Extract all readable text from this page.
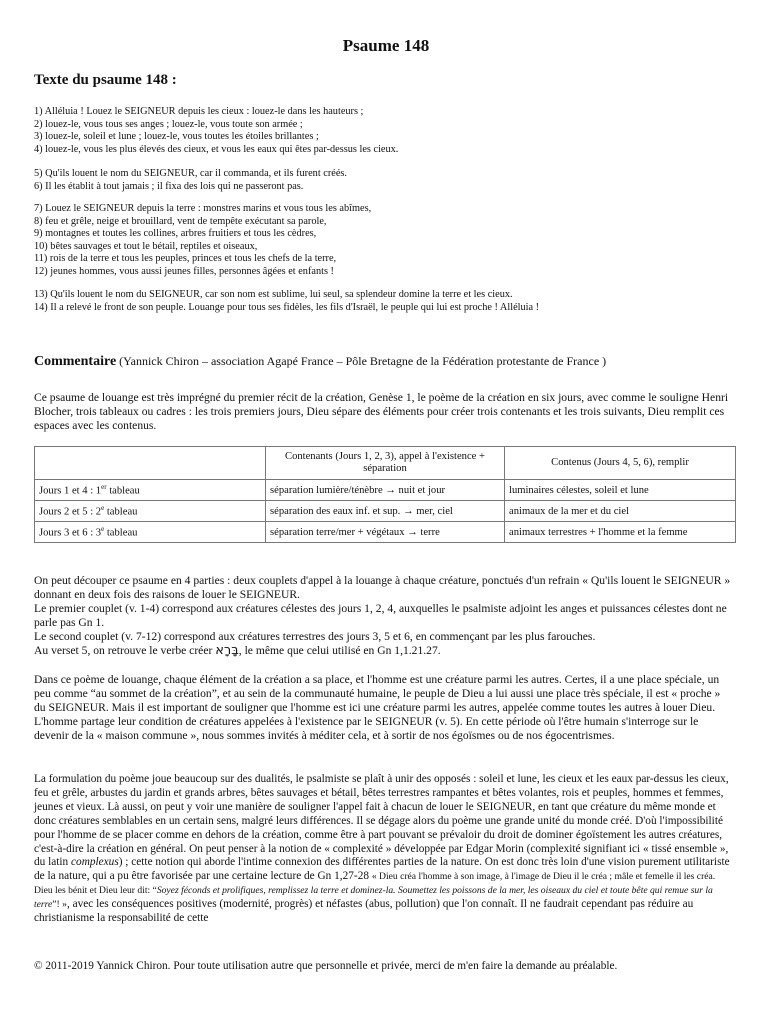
Psaume 148
Texte du psaume 148 :
1) Alléluia ! Louez le SEIGNEUR depuis les cieux : louez-le dans les hauteurs ;
2) louez-le, vous tous ses anges ; louez-le, vous toute son armée ;
3) louez-le, soleil et lune ; louez-le, vous toutes les étoiles brillantes ;
4) louez-le, vous les plus élevés des cieux, et vous les eaux qui êtes par-dessus les cieux.
5) Qu'ils louent le nom du SEIGNEUR, car il commanda, et ils furent créés.
6) Il les établit à tout jamais ; il fixa des lois qui ne passeront pas.
7) Louez le SEIGNEUR depuis la terre : monstres marins et vous tous les abîmes,
8) feu et grêle, neige et brouillard, vent de tempête exécutant sa parole,
9) montagnes et toutes les collines, arbres fruitiers et tous les cèdres,
10) bêtes sauvages et tout le bétail, reptiles et oiseaux,
11) rois de la terre et tous les peuples, princes et tous les chefs de la terre,
12) jeunes hommes, vous aussi jeunes filles, personnes âgées et enfants !
13) Qu'ils louent le nom du SEIGNEUR, car son nom est sublime, lui seul, sa splendeur domine la terre et les cieux.
14) Il a relevé le front de son peuple. Louange pour tous ses fidèles, les fils d'Israël, le peuple qui lui est proche ! Alléluia !
Commentaire (Yannick Chiron – association Agapé France – Pôle Bretagne de la Fédération protestante de France )
Ce psaume de louange est très imprégné du premier récit de la création, Genèse 1, le poème de la création en six jours, avec comme le souligne Henri Blocher, trois tableaux ou cadres : les trois premiers jours, Dieu sépare des éléments pour créer trois contenants et les trois suivants, Dieu remplit ces espaces avec les contenus.
	Contenants (Jours 1, 2, 3), appel à l'existence + séparation	Contenus (Jours 4, 5, 6), remplir
Jours 1 et 4 : 1er tableau	séparation lumière/ténèbre → nuit et jour	luminaires célestes, soleil et lune
Jours 2 et 5 : 2e tableau	séparation des eaux inf. et sup. → mer, ciel	animaux de la mer et du ciel
Jours 3 et 6 : 3e tableau	séparation terre/mer + végétaux → terre	animaux terrestres + l'homme et la femme
On peut découper ce psaume en 4 parties : deux couplets d'appel à la louange à chaque créature, ponctués d'un refrain « Qu'ils louent le SEIGNEUR » donnant en deux fois des raisons de louer le SEIGNEUR.
Le premier couplet (v. 1-4) correspond aux créatures célestes des jours 1, 2, 4, auxquelles le psalmiste adjoint les anges et puissances célestes dont ne parle pas Gn 1.
Le second couplet (v. 7-12) correspond aux créatures terrestres des jours 3, 5 et 6, en commençant par les plus farouches.
Au verset 5, on retrouve le verbe créer בָּרָא, le même que celui utilisé en Gn 1,1.21.27.
Dans ce poème de louange, chaque élément de la création a sa place, et l'homme est une créature parmi les autres. Certes, il a une place spéciale, un peu comme “au sommet de la création”, et au sein de la communauté humaine, le peuple de Dieu a lui aussi une place très spéciale, il est « proche » du SEIGNEUR. Mais il est important de souligner que l'homme est ici une créature parmi les autres, appelée comme toutes les autres à louer Dieu. L'homme partage leur condition de créatures appelées à l'existence par le SEIGNEUR (v. 5). En cette période où l'être humain s'interroge sur le devenir de la « maison commune », nous sommes invités à méditer cela, et à sortir de nos égoïsmes ou de nos égocentrismes.
La formulation du poème joue beaucoup sur des dualités, le psalmiste se plaît à unir des opposés : soleil et lune, les cieux et les eaux par-dessus les cieux, feu et grêle, arbustes du jardin et grands arbres, bêtes sauvages et bétail, bêtes terrestres rampantes et bêtes volantes, rois et peuples, hommes et femmes, jeunes et vieux. Là aussi, on peut y voir une manière de souligner l'appel fait à chacun de louer le SEIGNEUR, en tant que créature du même monde et donc créatures semblables en un certain sens, malgré leurs différences. Il se dégage alors du poème une grande unité du monde créé. D'où l'impossibilité pour l'homme de se placer comme en dehors de la création, comme être à part pouvant se prévaloir du droit de dominer égoïstement les autres créatures, c'est-à-dire la création en général. On peut penser à la notion de « complexité » développée par Edgar Morin (complexité signifiant ici « tissé ensemble », du latin complexus) ; cette notion qui aborde l'intime connexion des différentes parties de la nature. On est donc très loin d'une vision purement utilitariste de la nature, qui a pu être favorisée par une certaine lecture de Gn 1,27-28 « Dieu créa l'homme à son image, à l'image de Dieu il le créa ; mâle et femelle il les créa. Dieu les bénit et Dieu leur dit: “Soyez féconds et prolifiques, remplissez la terre et dominez-la. Soumettez les poissons de la mer, les oiseaux du ciel et toute bête qui remue sur la terre”! », avec les conséquences positives (modernité, progrès) et néfastes (abus, pollution) que l'on connaît. Il ne faudrait cependant pas réduire au christianisme la responsabilité de cette
© 2011-2019 Yannick Chiron. Pour toute utilisation autre que personnelle et privée, merci de m'en faire la demande au préalable.
